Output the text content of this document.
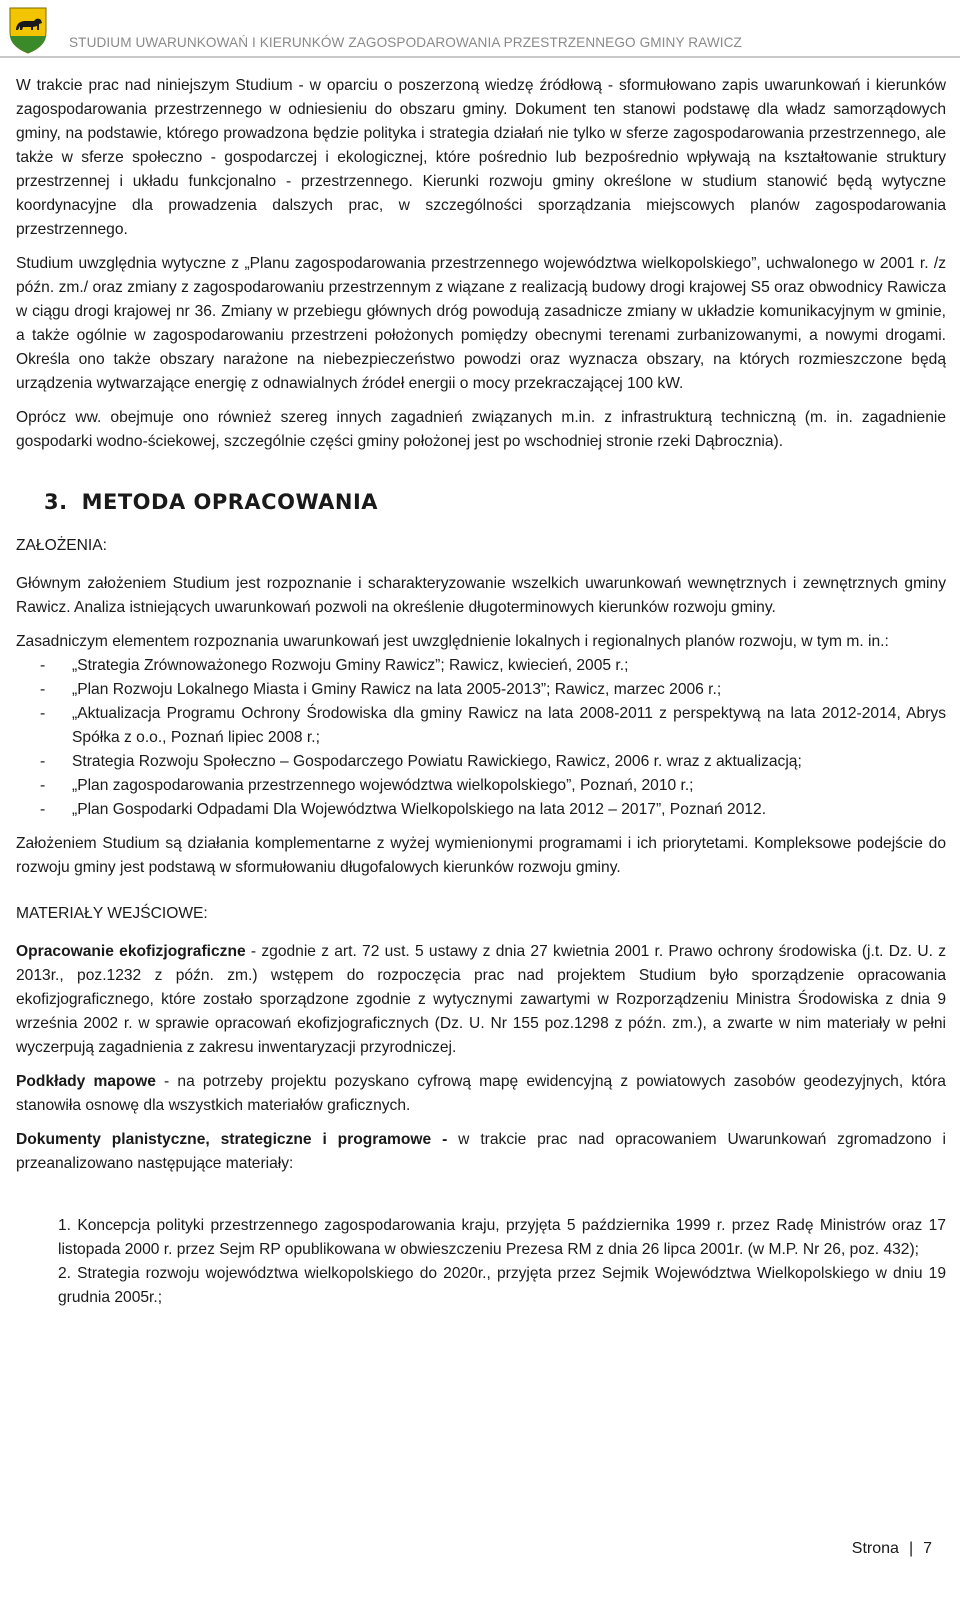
STUDIUM UWARUNKOWAŃ I KIERUNKÓW ZAGOSPODAROWANIA PRZESTRZENNEGO GMINY RAWICZ

W trakcie prac nad niniejszym Studium - w oparciu o poszerzoną wiedzę źródłową - sformułowano zapis uwarunkowań i kierunków zagospodarowania przestrzennego w odniesieniu do obszaru gminy. Dokument ten stanowi podstawę dla władz samorządowych gminy, na podstawie, którego prowadzona będzie polityka i strategia działań nie tylko w sferze zagospodarowania przestrzennego, ale także w sferze społeczno - gospodarczej i ekologicznej, które pośrednio lub bezpośrednio wpływają na kształtowanie struktury przestrzennej i układu funkcjonalno - przestrzennego. Kierunki rozwoju gminy określone w studium stanowić będą wytyczne koordynacyjne dla prowadzenia dalszych prac, w szczególności sporządzania miejscowych planów zagospodarowania przestrzennego.

Studium uwzględnia wytyczne z „Planu zagospodarowania przestrzennego województwa wielkopolskiego”, uchwalonego w 2001 r. /z późn. zm./ oraz zmiany z zagospodarowaniu przestrzennym z wiązane z realizacją budowy drogi krajowej S5 oraz obwodnicy Rawicza w ciągu drogi krajowej nr 36. Zmiany w przebiegu głównych dróg powodują zasadnicze zmiany w układzie komunikacyjnym w gminie, a także ogólnie w zagospodarowaniu przestrzeni położonych pomiędzy obecnymi terenami zurbanizowanymi, a nowymi drogami. Określa ono także obszary narażone na niebezpieczeństwo powodzi oraz wyznacza obszary, na których rozmieszczone będą urządzenia wytwarzające energię z odnawialnych źródeł energii o mocy przekraczającej 100 kW.

Oprócz ww. obejmuje ono również szereg innych zagadnień związanych m.in. z infrastrukturą techniczną (m. in. zagadnienie gospodarki wodno-ściekowej, szczególnie części gminy położonej jest po wschodniej stronie rzeki Dąbrocznia).

3. METODA OPRACOWANIA
ZAŁOŻENIA:

Głównym założeniem Studium jest rozpoznanie i scharakteryzowanie wszelkich uwarunkowań wewnętrznych i zewnętrznych gminy Rawicz. Analiza istniejących uwarunkowań pozwoli na określenie długoterminowych kierunków rozwoju gminy.

Zasadniczym elementem rozpoznania uwarunkowań jest uwzględnienie lokalnych i regionalnych planów rozwoju, w tym m. in.:

- „Strategia Zrównoważonego Rozwoju Gminy Rawicz”; Rawicz, kwiecień, 2005 r.;
- „Plan Rozwoju Lokalnego Miasta i Gminy Rawicz na lata 2005-2013”; Rawicz, marzec 2006 r.;
- „Aktualizacja Programu Ochrony Środowiska dla gminy Rawicz na lata 2008-2011 z perspektywą na lata 2012-2014, Abrys Spółka z o.o., Poznań lipiec 2008 r.;
- Strategia Rozwoju Społeczno – Gospodarczego Powiatu Rawickiego, Rawicz, 2006 r. wraz z aktualizacją;
- „Plan zagospodarowania przestrzennego województwa wielkopolskiego”, Poznań, 2010 r.;
- „Plan Gospodarki Odpadami Dla Województwa Wielkopolskiego na lata 2012 – 2017”, Poznań 2012.

Założeniem Studium są działania komplementarne z wyżej wymienionymi programami i ich priorytetami. Kompleksowe podejście do rozwoju gminy jest podstawą w sformułowaniu długofalowych kierunków rozwoju gminy.

MATERIAŁY WEJŚCIOWE:

Opracowanie ekofizjograficzne - zgodnie z art. 72 ust. 5 ustawy z dnia 27 kwietnia 2001 r. Prawo ochrony środowiska (j.t. Dz. U. z 2013r., poz.1232 z późn. zm.) wstępem do rozpoczęcia prac nad projektem Studium było sporządzenie opracowania ekofizjograficznego, które zostało sporządzone zgodnie z wytycznymi zawartymi w Rozporządzeniu Ministra Środowiska z dnia 9 września 2002 r. w sprawie opracowań ekofizjograficznych (Dz. U. Nr 155 poz.1298 z późn. zm.), a zwarte w nim materiały w pełni wyczerpują zagadnienia z zakresu inwentaryzacji przyrodniczej.

Podkłady mapowe - na potrzeby projektu pozyskano cyfrową mapę ewidencyjną z powiatowych zasobów geodezyjnych, która stanowiła osnowę dla wszystkich materiałów graficznych.

Dokumenty planistyczne, strategiczne i programowe - w trakcie prac nad opracowaniem Uwarunkowań zgromadzono i przeanalizowano następujące materiały:

1. Koncepcja polityki przestrzennego zagospodarowania kraju, przyjęta 5 października 1999 r. przez Radę Ministrów oraz 17 listopada 2000 r. przez Sejm RP opublikowana w obwieszczeniu Prezesa RM z dnia 26 lipca 2001r. (w M.P. Nr 26, poz. 432);
2. Strategia rozwoju województwa wielkopolskiego do 2020r., przyjęta przez Sejmik Województwa Wielkopolskiego w dniu 19 grudnia 2005r.;
Strona | 7
